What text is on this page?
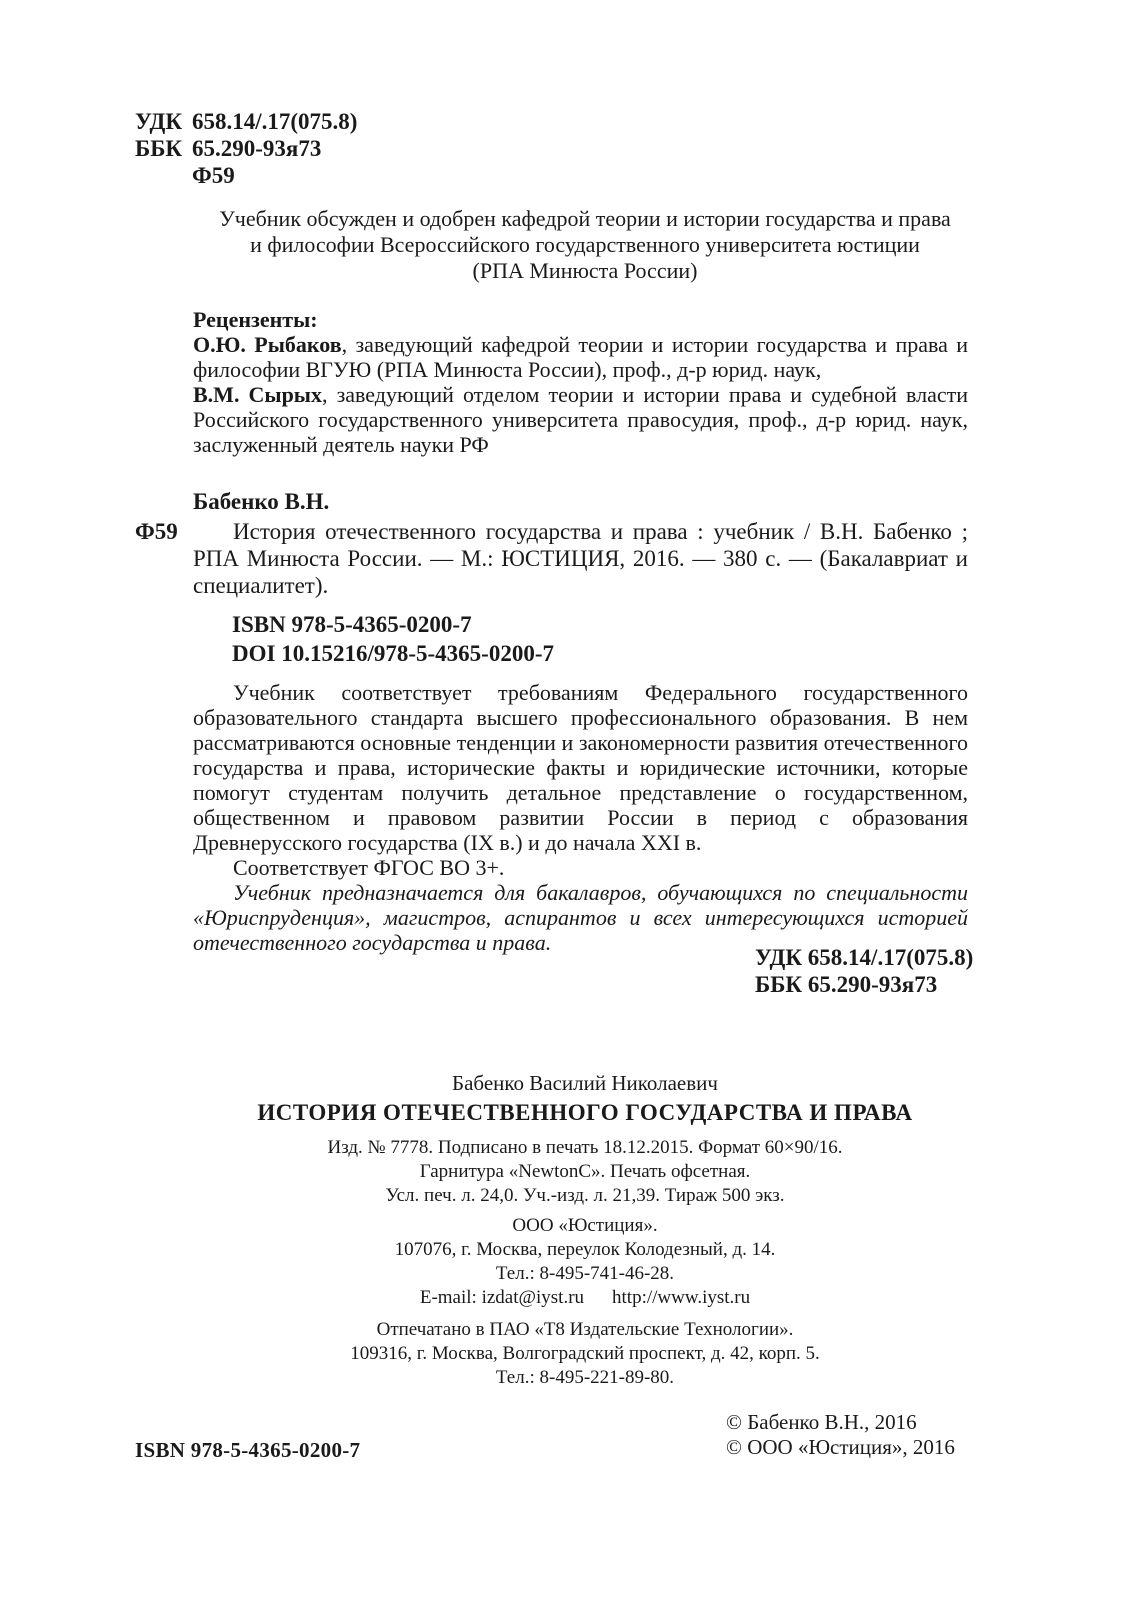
УДК 658.14/.17(075.8)
ББК 65.290-93я73
Ф59
Учебник обсужден и одобрен кафедрой теории и истории государства и права
и философии Всероссийского государственного университета юстиции
(РПА Минюста России)
Рецензенты:
О.Ю. Рыбаков, заведующий кафедрой теории и истории государства и права и философии ВГУЮ (РПА Минюста России), проф., д-р юрид. наук,
В.М. Сырых, заведующий отделом теории и истории права и судебной власти Российского государственного университета правосудия, проф., д-р юрид. наук, заслуженный деятель науки РФ
Бабенко В.Н.
Ф59	История отечественного государства и права : учебник / В.Н. Бабенко ; РПА Минюста России. — М.: ЮСТИЦИЯ, 2016. — 380 с. — (Бакалавриат и специалитет).
ISBN 978-5-4365-0200-7
DOI 10.15216/978-5-4365-0200-7

Учебник соответствует требованиям Федерального государственного образовательного стандарта высшего профессионального образования. В нем рассматриваются основные тенденции и закономерности развития отечественного государства и права, исторические факты и юридические источники, которые помогут студентам получить детальное представление о государственном, общественном и правовом развитии России в период с образования Древнерусского государства (IX в.) и до начала XXI в.

Соответствует ФГОС ВО 3+.

Учебник предназначается для бакалавров, обучающихся по специальности «Юриспруденция», магистров, аспирантов и всех интересующихся историей отечественного государства и права.

УДК 658.14/.17(075.8)
ББК 65.290-93я73
Бабенко Василий Николаевич
ИСТОРИЯ ОТЕЧЕСТВЕННОГО ГОСУДАРСТВА И ПРАВА
Изд. № 7778. Подписано в печать 18.12.2015. Формат 60×90/16.
Гарнитура «NewtonC». Печать офсетная.
Усл. печ. л. 24,0. Уч.-изд. л. 21,39. Тираж 500 экз.
ООО «Юстиция».
107076, г. Москва, переулок Колодезный, д. 14.
Тел.: 8-495-741-46-28.
E-mail: izdat@iyst.ru http://www.iyst.ru
Отпечатано в ПАО «Т8 Издательские Технологии».
109316, г. Москва, Волгоградский проспект, д. 42, корп. 5.
Тел.: 8-495-221-89-80.
ISBN 978-5-4365-0200-7
© Бабенко В.Н., 2016
© ООО «Юстиция», 2016
